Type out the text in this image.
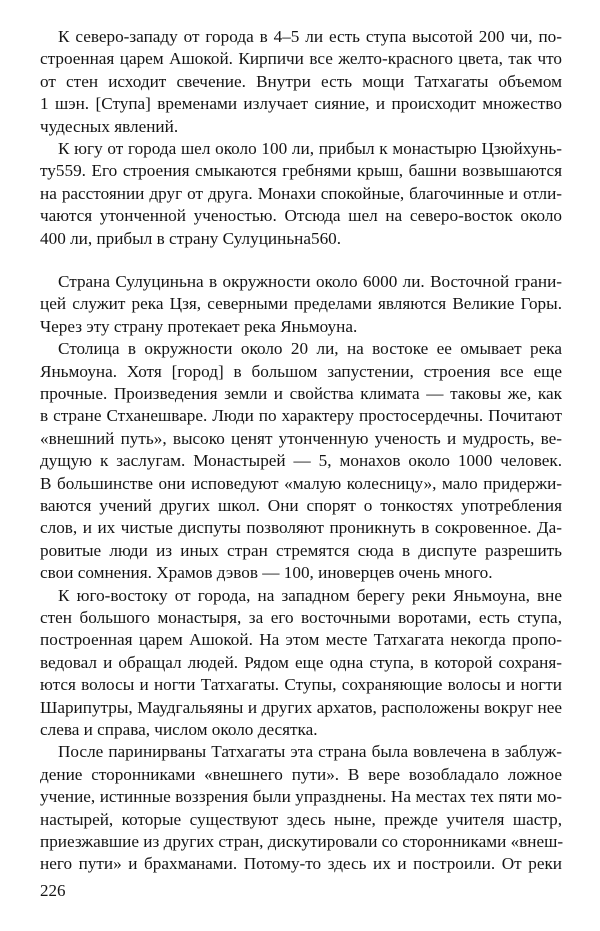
К северо-западу от города в 4–5 ли есть ступа высотой 200 чи, по-
строенная царем Ашокой. Кирпичи все желто-красного цвета, так что
от стен исходит свечение. Внутри есть мощи Татхагаты объемом
1 шэн. [Ступа] временами излучает сияние, и происходит множество
чудесных явлений.
К югу от города шел около 100 ли, прибыл к монастырю Цзюйхунь-
ту559. Его строения смыкаются гребнями крыш, башни возвышаются
на расстоянии друг от друга. Монахи спокойные, благочинные и отли-
чаются утонченной ученостью. Отсюда шел на северо-восток около
400 ли, прибыл в страну Сулуциньна560.
Страна Сулуциньна в окружности около 6000 ли. Восточной грани-
цей служит река Цзя, северными пределами являются Великие Горы.
Через эту страну протекает река Яньмоуна.
Столица в окружности около 20 ли, на востоке ее омывает река
Яньмоуна. Хотя [город] в большом запустении, строения все еще
прочные. Произведения земли и свойства климата — таковы же, как
в стране Стханешваре. Люди по характеру простосердечны. Почитают
«внешний путь», высоко ценят утонченную ученость и мудрость, ве-
дущую к заслугам. Монастырей — 5, монахов около 1000 человек.
В большинстве они исповедуют «малую колесницу», мало придержи-
ваются учений других школ. Они спорят о тонкостях употребления
слов, и их чистые диспуты позволяют проникнуть в сокровенное. Да-
ровитые люди из иных стран стремятся сюда в диспуте разрешить
свои сомнения. Храмов дэвов — 100, иноверцев очень много.
К юго-востоку от города, на западном берегу реки Яньмоуна, вне
стен большого монастыря, за его восточными воротами, есть ступа,
построенная царем Ашокой. На этом месте Татхагата некогда пропо-
ведовал и обращал людей. Рядом еще одна ступа, в которой сохраня-
ются волосы и ногти Татхагаты. Ступы, сохраняющие волосы и ногти
Шарипутры, Маудгальяяны и других архатов, расположены вокруг нее
слева и справа, числом около десятка.
После паринирваны Татхагаты эта страна была вовлечена в заблуж-
дение сторонниками «внешнего пути». В вере возобладало ложное
учение, истинные воззрения были упразднены. На местах тех пяти мо-
настырей, которые существуют здесь ныне, прежде учителя шастр,
приезжавшие из других стран, дискутировали со сторонниками «внеш-
него пути» и брахманами. Потому-то здесь их и построили. От реки
226
